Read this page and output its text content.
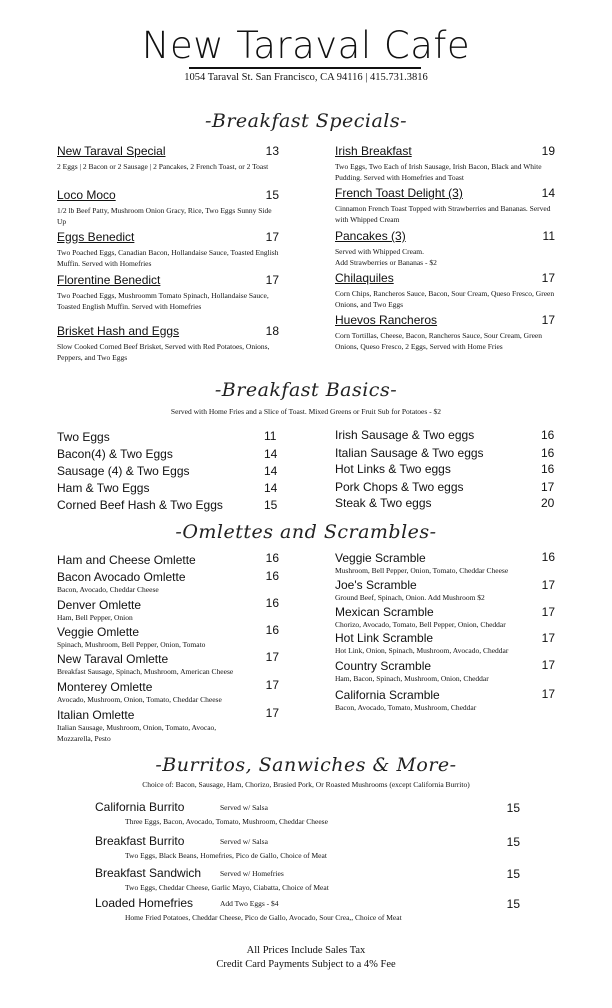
New Taraval Cafe
1054 Taraval St. San Francisco, CA 94116 | 415.731.3816
-Breakfast Specials-
New Taraval Special	13
2 Eggs | 2 Bacon or 2 Sausage | 2 Pancakes, 2 French Toast, or 2 Toast
Loco Moco	15
1/2 lb Beef Patty, Mushroom Onion Gracy, Rice, Two Eggs Sunny Side Up
Eggs Benedict	17
Two Poached Eggs, Canadian Bacon, Hollandaise Sauce, Toasted English Muffin. Served with Homefries
Florentine Benedict	17
Two Poached Eggs, Mushroomm Tomato Spinach, Hollandaise Sauce, Toasted English Muffin. Served with Homefries
Brisket Hash and Eggs	18
Slow Cooked Corned Beef Brisket, Served with Red Potatoes, Onions, Peppers, and Two Eggs
Irish Breakfast	19
Two Eggs, Two Each of Irish Sausage, Irish Bacon, Black and White Pudding. Served with Homefries and Toast
French Toast Delight (3)	14
Cinnamon French Toast Topped with Strawberries and Bananas. Served with Whipped Cream
Pancakes (3)	11
Served with Whipped Cream.
Add Strawberries or Bananas - $2
Chilaquiles	17
Corn Chips, Rancheros Sauce, Bacon, Sour Cream, Queso Fresco, Green Onions, and Two Eggs
Huevos Rancheros	17
Corn Tortillas, Cheese, Bacon, Rancheros Sauce, Sour Cream, Green Onions, Queso Fresco, 2 Eggs, Served with Home Fries
-Breakfast Basics-
Served with Home Fries and a Slice of Toast. Mixed Greens or Fruit Sub for Potatoes - $2
Two Eggs	11
Bacon(4) & Two Eggs	14
Sausage (4) & Two Eggs	14
Ham & Two Eggs	14
Corned Beef Hash & Two Eggs	15
Irish Sausage & Two eggs	16
Italian Sausage & Two eggs	16
Hot Links & Two eggs	16
Pork Chops & Two eggs	17
Steak & Two eggs	20
-Omlettes and Scrambles-
Ham and Cheese Omlette	16
Bacon Avocado Omlette	16
Bacon, Avocado, Cheddar Cheese
Denver Omlette	16
Ham, Bell Pepper, Onion
Veggie Omlette	16
Spinach, Mushroom, Bell Pepper, Onion, Tomato
New Taraval Omlette	17
Breakfast Sausage, Spinach, Mushroom, American Cheese
Monterey Omlette	17
Avocado, Mushroom, Onion, Tomato, Cheddar Cheese
Italian Omlette	17
Italian Sausage, Mushroom, Onion, Tomato, Avocao, Mozzarella, Pesto
Veggie Scramble	16
Mushroom, Bell Pepper, Onion, Tomato, Cheddar Cheese
Joe's Scramble	17
Ground Beef, Spinach, Onion. Add Mushroom $2
Mexican Scramble	17
Chorizo, Avocado, Tomato, Bell Pepper, Onion, Cheddar
Hot Link Scramble	17
Hot Link, Onion, Spinach, Mushroom, Avocado, Cheddar
Country Scramble	17
Ham, Bacon, Spinach, Mushroom, Onion, Cheddar
California Scramble	17
Bacon, Avocado, Tomato, Mushroom, Cheddar
-Burritos, Sanwiches & More-
Choice of: Bacon, Sausage, Ham, Chorizo, Brasied Pork, Or Roasted Mushrooms (except California Burrito)
California Burrito	Served w/ Salsa	15
Three Eggs, Bacon, Avocado, Tomato, Mushroom, Cheddar Cheese
Breakfast Burrito	Served w/ Salsa	15
Two Eggs, Black Beans, Homefries, Pico de Gallo, Choice of Meat
Breakfast Sandwich	Served w/ Homefries	15
Two Eggs, Cheddar Cheese, Garlic Mayo, Ciabatta, Choice of Meat
Loaded Homefries	Add Two Eggs - $4	15
Home Fried Potatoes, Cheddar Cheese, Pico de Gallo, Avocado, Sour Crea,, Choice of Meat
All Prices Include Sales Tax
Credit Card Payments Subject to a 4% Fee
